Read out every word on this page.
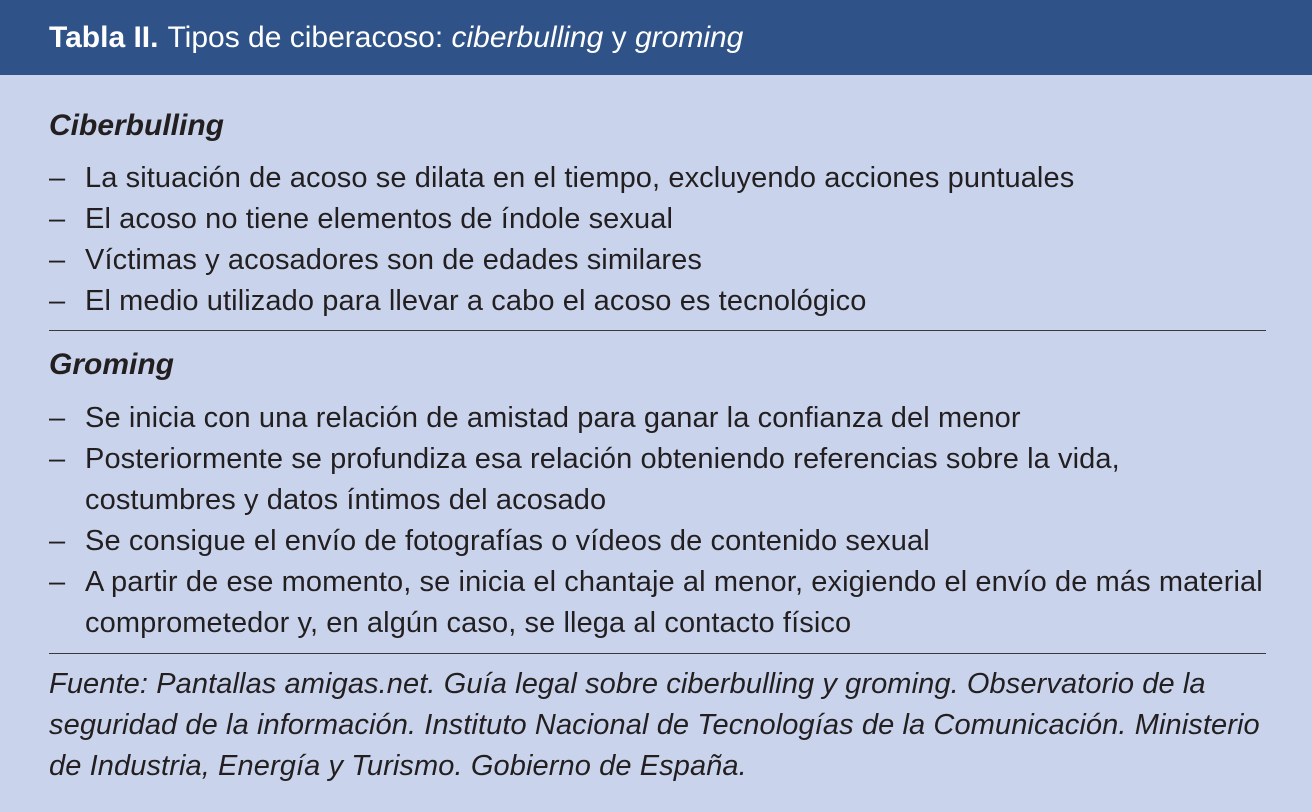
Tabla II. Tipos de ciberacoso:
ciberbulling
y
groming
Ciberbulling
– La situación de acoso se dilata en el tiempo, excluyendo acciones puntuales
– El acoso no tiene elementos de índole sexual
– Víctimas y acosadores son de edades similares
– El medio utilizado para llevar a cabo el acoso es tecnológico
Groming
– Se inicia con una relación de amistad para ganar la confianza del menor
– Posteriormente se profundiza esa relación obteniendo referencias sobre la vida, costumbres y datos íntimos del acosado
– Se consigue el envío de fotografías o vídeos de contenido sexual
– A partir de ese momento, se inicia el chantaje al menor, exigiendo el envío de más material comprometedor y, en algún caso, se llega al contacto físico
Fuente: Pantallas amigas.net. Guía legal sobre ciberbulling y groming. Observatorio de la seguridad de la información. Instituto Nacional de Tecnologías de la Comunicación. Ministerio de Industria, Energía y Turismo. Gobierno de España.
